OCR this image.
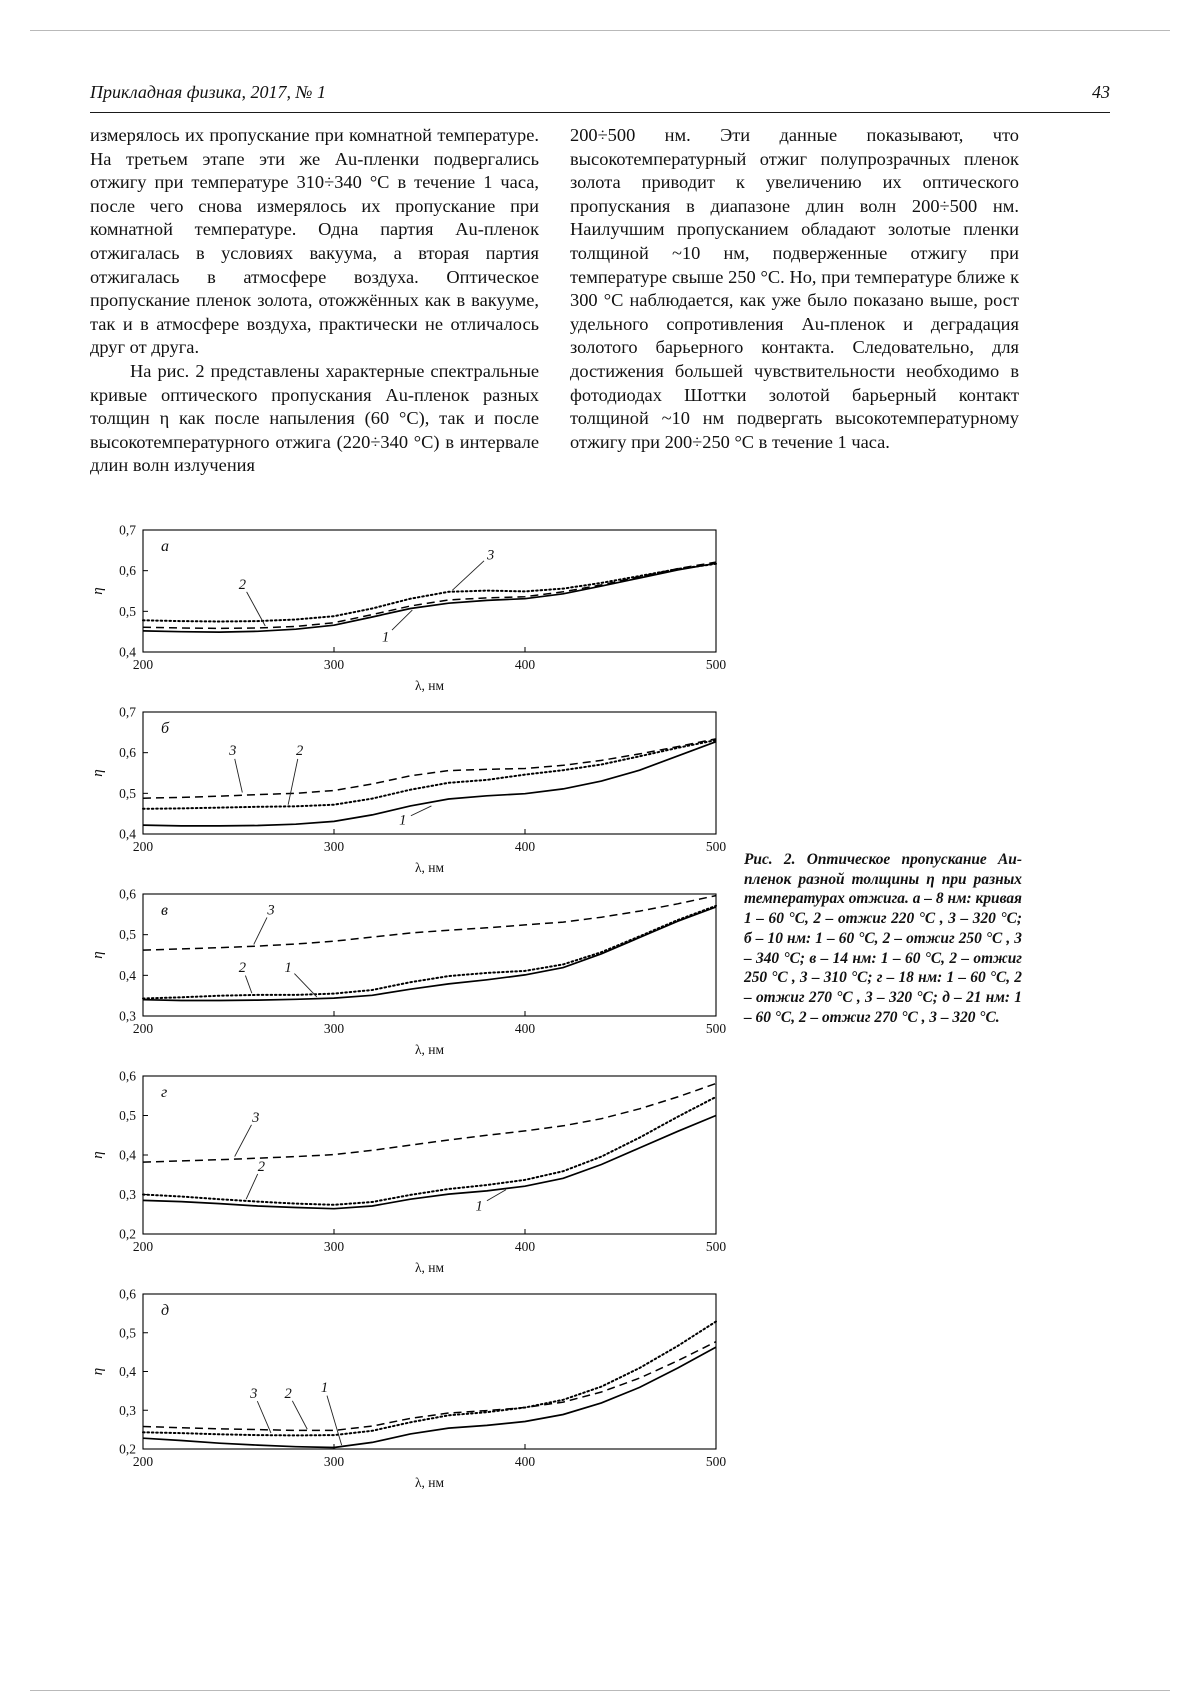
Прикладная физика, 2017, № 1	43

измерялось их пропускание при комнатной температуре. На третьем этапе эти же Au-пленки подвергались отжигу при температуре 310÷340 °С в течение 1 часа, после чего снова измерялось их пропускание при комнатной температуре. Одна партия Au-пленок отжигалась в условиях вакуума, а вторая партия отжигалась в атмосфере воздуха. Оптическое пропускание пленок золота, отожжённых как в вакууме, так и в атмосфере воздуха, практически не отличалось друг от друга.

На рис. 2 представлены характерные спектральные кривые оптического пропускания Au-пленок разных толщин η как после напыления (60 °С), так и после высокотемпературного отжига (220÷340 °С) в интервале длин волн излучения

200÷500 нм. Эти данные показывают, что высокотемпературный отжиг полупрозрачных пленок золота приводит к увеличению их оптического пропускания в диапазоне длин волн 200÷500 нм. Наилучшим пропусканием обладают золотые пленки толщиной ~10 нм, подверженные отжигу при температуре свыше 250 °С. Но, при температуре ближе к 300 °С наблюдается, как уже было показано выше, рост удельного сопротивления Au-пленок и деградация золотого барьерного контакта. Следовательно, для достижения большей чувствительности необходимо в фотодиодах Шоттки золотой барьерный контакт толщиной ~10 нм подвергать высокотемпературному отжигу при 200÷250 °С в течение 1 часа.

0,4
0,5
0,6
0,7
200	300	400	500
η
λ, нм
а
2
3
1
0,4
0,5
0,6
0,7
200	300	400	500
η
λ, нм
б
3	2
1
0,3
0,4
0,5
0,6
200	300	400	500
η
λ, нм
в	3
2	1
0,2
0,3
0,4
0,5
0,6
200	300	400	500
η
λ, нм
г
3
2
1
0,2
0,3
0,4
0,5
0,6
200	300	400	500
η
λ, нм
д
3 2 1
Рис. 2. Оптическое пропускание Au-пленок разной толщины η при разных температурах отжига. а – 8 нм: кривая 1 – 60 °С, 2 – отжиг 220 °С , 3 – 320 °С; б – 10 нм: 1 – 60 °С, 2 – отжиг 250 °С , 3 – 340 °С; в – 14 нм: 1 – 60 °С, 2 – отжиг 250 °С , 3 – 310 °С; г – 18 нм: 1 – 60 °С, 2 – отжиг 270 °С , 3 – 320 °С; д – 21 нм: 1 – 60 °С, 2 – отжиг 270 °С , 3 – 320 °С.
